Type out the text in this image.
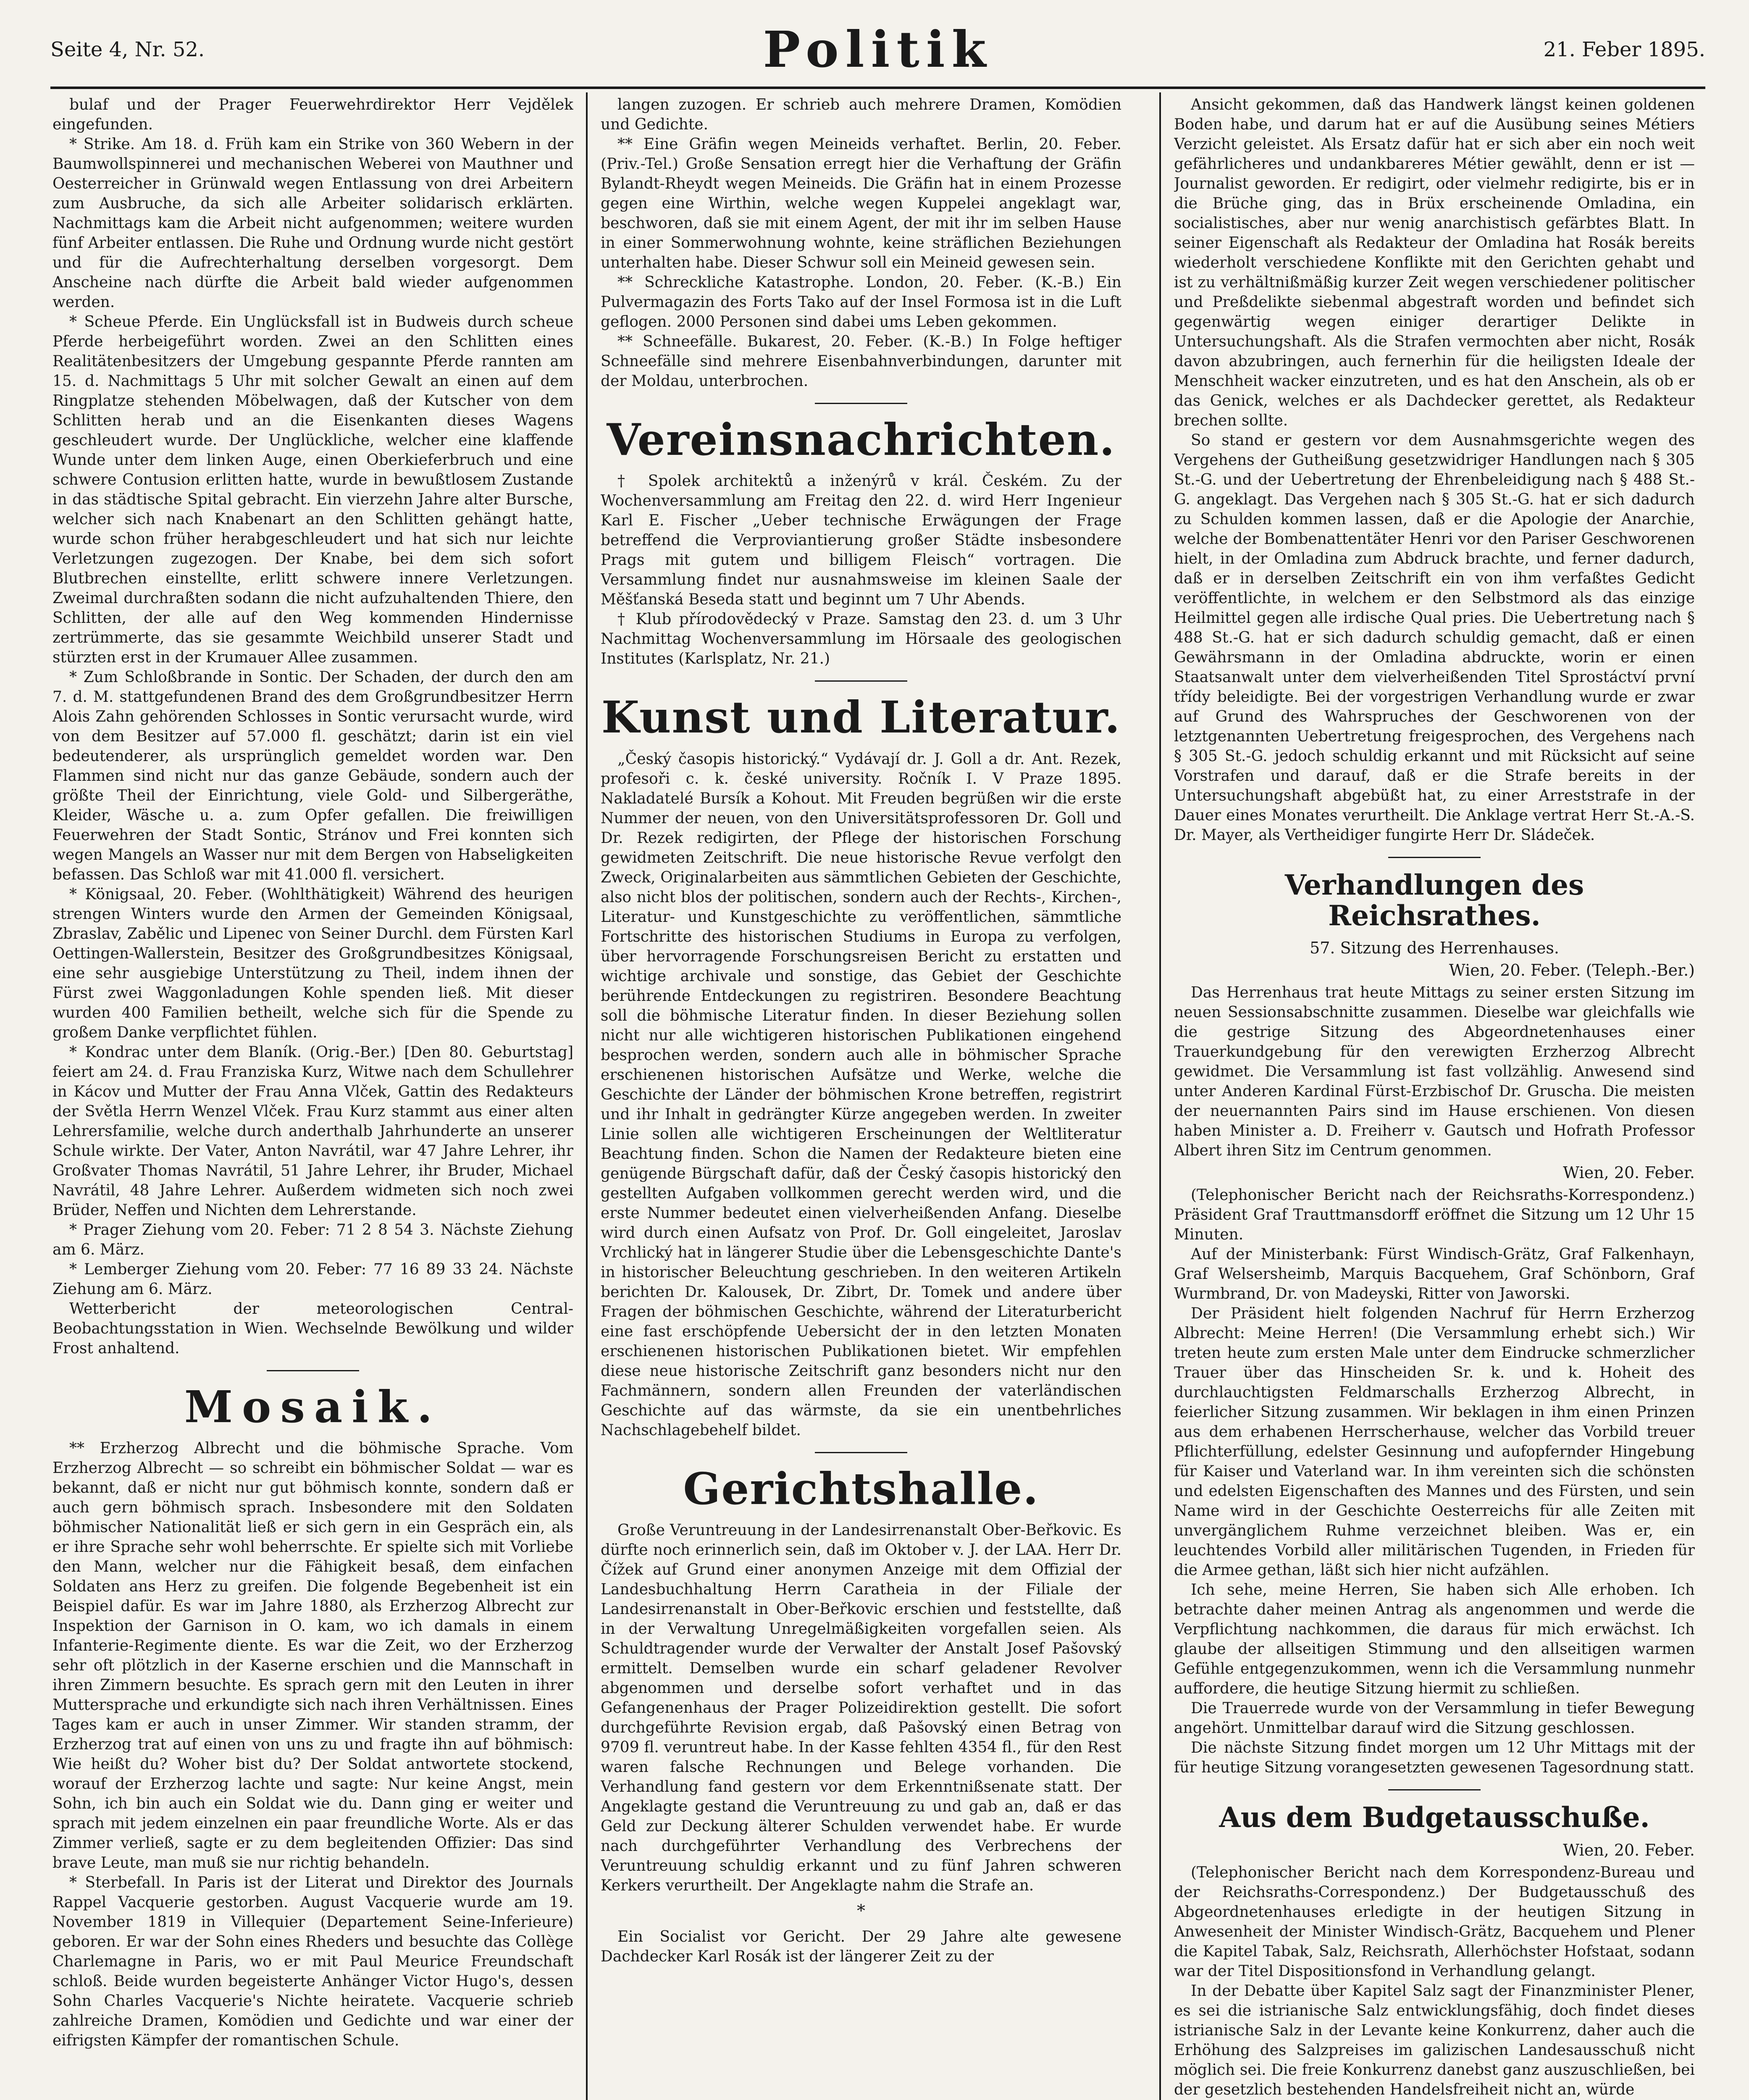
Seite 4, Nr. 52.	Politik	21. Feber 1895.

bulaf und der Prager Feuerwehrdirektor Herr Vejdělek eingefunden.

* Strike. Am 18. d. Früh kam ein Strike von 360 Webern in der Baumwollspinnerei und mechanischen Weberei von Mauthner und Oesterreicher in Grünwald wegen Entlassung von drei Arbeitern zum Ausbruche, da sich alle Arbeiter solidarisch erklärten. Nachmittags kam die Arbeit nicht aufgenommen; weitere wurden fünf Arbeiter entlassen. Die Ruhe und Ordnung wurde nicht gestört und für die Aufrechterhaltung derselben vorgesorgt. Dem Anscheine nach dürfte die Arbeit bald wieder aufgenommen werden.

* Scheue Pferde. Ein Unglücksfall ist in Budweis durch scheue Pferde herbeigeführt worden. Zwei an den Schlitten eines Realitätenbesitzers der Umgebung gespannte Pferde rannten am 15. d. Nachmittags 5 Uhr mit solcher Gewalt an einen auf dem Ringplatze stehenden Möbelwagen, daß der Kutscher von dem Schlitten herab und an die Eisenkanten dieses Wagens geschleudert wurde. Der Unglückliche, welcher eine klaffende Wunde unter dem linken Auge, einen Oberkieferbruch und eine schwere Contusion erlitten hatte, wurde in bewußtlosem Zustande in das städtische Spital gebracht. Ein vierzehn Jahre alter Bursche, welcher sich nach Knabenart an den Schlitten gehängt hatte, wurde schon früher herabgeschleudert und hat sich nur leichte Verletzungen zugezogen. Der Knabe, bei dem sich sofort Blutbrechen einstellte, erlitt schwere innere Verletzungen. Zweimal durchraßten sodann die nicht aufzuhaltenden Thiere, den Schlitten, der alle auf den Weg kommenden Hindernisse zertrümmerte, das sie gesammte Weichbild unserer Stadt und stürzten erst in der Krumauer Allee zusammen.

* Zum Schloßbrande in Sontic. Der Schaden, der durch den am 7. d. M. stattgefundenen Brand des dem Großgrundbesitzer Herrn Alois Zahn gehörenden Schlosses in Sontic verursacht wurde, wird von dem Besitzer auf 57.000 fl. geschätzt; darin ist ein viel bedeutenderer, als ursprünglich gemeldet worden war. Den Flammen sind nicht nur das ganze Gebäude, sondern auch der größte Theil der Einrichtung, viele Gold- und Silbergeräthe, Kleider, Wäsche u. a. zum Opfer gefallen. Die freiwilligen Feuerwehren der Stadt Sontic, Stránov und Frei konnten sich wegen Mangels an Wasser nur mit dem Bergen von Habseligkeiten befassen. Das Schloß war mit 41.000 fl. versichert.

* Königsaal, 20. Feber. (Wohlthätigkeit) Während des heurigen strengen Winters wurde den Armen der Gemeinden Königsaal, Zbraslav, Zabělic und Lipenec von Seiner Durchl. dem Fürsten Karl Oettingen-Wallerstein, Besitzer des Großgrundbesitzes Königsaal, eine sehr ausgiebige Unterstützung zu Theil, indem ihnen der Fürst zwei Waggonladungen Kohle spenden ließ. Mit dieser wurden 400 Familien betheilt, welche sich für die Spende zu großem Danke verpflichtet fühlen.

* Kondrac unter dem Blaník. (Orig.-Ber.) [Den 80. Geburtstag] feiert am 24. d. Frau Franziska Kurz, Witwe nach dem Schullehrer in Kácov und Mutter der Frau Anna Vlček, Gattin des Redakteurs der Světla Herrn Wenzel Vlček. Frau Kurz stammt aus einer alten Lehrersfamilie, welche durch anderthalb Jahrhunderte an unserer Schule wirkte. Der Vater, Anton Navrátil, war 47 Jahre Lehrer, ihr Großvater Thomas Navrátil, 51 Jahre Lehrer, ihr Bruder, Michael Navrátil, 48 Jahre Lehrer. Außerdem widmeten sich noch zwei Brüder, Neffen und Nichten dem Lehrerstande.

* Prager Ziehung vom 20. Feber: 71 2 8 54 3. Nächste Ziehung am 6. März.

* Lemberger Ziehung vom 20. Feber: 77 16 89 33 24. Nächste Ziehung am 6. März.

Wetterbericht der meteorologischen Central-Beobachtungsstation in Wien. Wechselnde Bewölkung und wilder Frost anhaltend.

Mosaik.

** Erzherzog Albrecht und die böhmische Sprache. Vom Erzherzog Albrecht — so schreibt ein böhmischer Soldat — war es bekannt, daß er nicht nur gut böhmisch konnte, sondern daß er auch gern böhmisch sprach. Insbesondere mit den Soldaten böhmischer Nationalität ließ er sich gern in ein Gespräch ein, als er ihre Sprache sehr wohl beherrschte. Er spielte sich mit Vorliebe den Mann, welcher nur die Fähigkeit besaß, dem einfachen Soldaten ans Herz zu greifen. Die folgende Begebenheit ist ein Beispiel dafür. Es war im Jahre 1880, als Erzherzog Albrecht zur Inspektion der Garnison in O. kam, wo ich damals in einem Infanterie-Regimente diente. Es war die Zeit, wo der Erzherzog sehr oft plötzlich in der Kaserne erschien und die Mannschaft in ihren Zimmern besuchte. Es sprach gern mit den Leuten in ihrer Muttersprache und erkundigte sich nach ihren Verhältnissen. Eines Tages kam er auch in unser Zimmer. Wir standen stramm, der Erzherzog trat auf einen von uns zu und fragte ihn auf böhmisch: Wie heißt du? Woher bist du? Der Soldat antwortete stockend, worauf der Erzherzog lachte und sagte: Nur keine Angst, mein Sohn, ich bin auch ein Soldat wie du. Dann ging er weiter und sprach mit jedem einzelnen ein paar freundliche Worte. Als er das Zimmer verließ, sagte er zu dem begleitenden Offizier: Das sind brave Leute, man muß sie nur richtig behandeln.

* Sterbefall. In Paris ist der Literat und Direktor des Journals Rappel Vacquerie gestorben. August Vacquerie wurde am 19. November 1819 in Villequier (Departement Seine-Inferieure) geboren. Er war der Sohn eines Rheders und besuchte das Collège Charlemagne in Paris, wo er mit Paul Meurice Freundschaft schloß. Beide wurden begeisterte Anhänger Victor Hugo's, dessen Sohn Charles Vacquerie's Nichte heiratete. Vacquerie schrieb zahlreiche Dramen, Komödien und Gedichte und war einer der eifrigsten Kämpfer der romantischen Schule.

langen zuzogen. Er schrieb auch mehrere Dramen, Komödien und Gedichte.

** Eine Gräfin wegen Meineids verhaftet. Berlin, 20. Feber. (Priv.-Tel.) Große Sensation erregt hier die Verhaftung der Gräfin Bylandt-Rheydt wegen Meineids. Die Gräfin hat in einem Prozesse gegen eine Wirthin, welche wegen Kuppelei angeklagt war, beschworen, daß sie mit einem Agent, der mit ihr im selben Hause in einer Sommerwohnung wohnte, keine sträflichen Beziehungen unterhalten habe. Dieser Schwur soll ein Meineid gewesen sein.

** Schreckliche Katastrophe. London, 20. Feber. (K.-B.) Ein Pulvermagazin des Forts Tako auf der Insel Formosa ist in die Luft geflogen. 2000 Personen sind dabei ums Leben gekommen.

** Schneefälle. Bukarest, 20. Feber. (K.-B.) In Folge heftiger Schneefälle sind mehrere Eisenbahnverbindungen, darunter mit der Moldau, unterbrochen.

Vereinsnachrichten.

† Spolek architektů a inženýrů v král. Českém. Zu der Wochenversammlung am Freitag den 22. d. wird Herr Ingenieur Karl E. Fischer „Ueber technische Erwägungen der Frage betreffend die Verproviantierung großer Städte insbesondere Prags mit gutem und billigem Fleisch“ vortragen. Die Versammlung findet nur ausnahmsweise im kleinen Saale der Měšťanská Beseda statt und beginnt um 7 Uhr Abends.

† Klub přírodovědecký v Praze. Samstag den 23. d. um 3 Uhr Nachmittag Wochenversammlung im Hörsaale des geologischen Institutes (Karlsplatz, Nr. 21.)

Kunst und Literatur.

„Český časopis historický.“ Vydávají dr. J. Goll a dr. Ant. Rezek, profesoři c. k. české university. Ročník I. V Praze 1895. Nakladatelé Bursík a Kohout. Mit Freuden begrüßen wir die erste Nummer der neuen, von den Universitätsprofessoren Dr. Goll und Dr. Rezek redigirten, der Pflege der historischen Forschung gewidmeten Zeitschrift. Die neue historische Revue verfolgt den Zweck, Originalarbeiten aus sämmtlichen Gebieten der Geschichte, also nicht blos der politischen, sondern auch der Rechts-, Kirchen-, Literatur- und Kunstgeschichte zu veröffentlichen, sämmtliche Fortschritte des historischen Studiums in Europa zu verfolgen, über hervorragende Forschungsreisen Bericht zu erstatten und wichtige archivale und sonstige, das Gebiet der Geschichte berührende Entdeckungen zu registriren. Besondere Beachtung soll die böhmische Literatur finden. In dieser Beziehung sollen nicht nur alle wichtigeren historischen Publikationen eingehend besprochen werden, sondern auch alle in böhmischer Sprache erschienenen historischen Aufsätze und Werke, welche die Geschichte der Länder der böhmischen Krone betreffen, registrirt und ihr Inhalt in gedrängter Kürze angegeben werden. In zweiter Linie sollen alle wichtigeren Erscheinungen der Weltliteratur Beachtung finden. Schon die Namen der Redakteure bieten eine genügende Bürgschaft dafür, daß der Český časopis historický den gestellten Aufgaben vollkommen gerecht werden wird, und die erste Nummer bedeutet einen vielverheißenden Anfang. Dieselbe wird durch einen Aufsatz von Prof. Dr. Goll eingeleitet, Jaroslav Vrchlický hat in längerer Studie über die Lebensgeschichte Dante's in historischer Beleuchtung geschrieben. In den weiteren Artikeln berichten Dr. Kalousek, Dr. Zibrt, Dr. Tomek und andere über Fragen der böhmischen Geschichte, während der Literaturbericht eine fast erschöpfende Uebersicht der in den letzten Monaten erschienenen historischen Publikationen bietet. Wir empfehlen diese neue historische Zeitschrift ganz besonders nicht nur den Fachmännern, sondern allen Freunden der vaterländischen Geschichte auf das wärmste, da sie ein unentbehrliches Nachschlagebehelf bildet.

Gerichtshalle.

Große Veruntreuung in der Landesirrenanstalt Ober-Beřkovic. Es dürfte noch erinnerlich sein, daß im Oktober v. J. der LAA. Herr Dr. Čížek auf Grund einer anonymen Anzeige mit dem Offizial der Landesbuchhaltung Herrn Caratheia in der Filiale der Landesirrenanstalt in Ober-Beřkovic erschien und feststellte, daß in der Verwaltung Unregelmäßigkeiten vorgefallen seien. Als Schuldtragender wurde der Verwalter der Anstalt Josef Pašovský ermittelt. Demselben wurde ein scharf geladener Revolver abgenommen und derselbe sofort verhaftet und in das Gefangenenhaus der Prager Polizeidirektion gestellt. Die sofort durchgeführte Revision ergab, daß Pašovský einen Betrag von 9709 fl. veruntreut habe. In der Kasse fehlten 4354 fl., für den Rest waren falsche Rechnungen und Belege vorhanden. Die Verhandlung fand gestern vor dem Erkenntnißsenate statt. Der Angeklagte gestand die Veruntreuung zu und gab an, daß er das Geld zur Deckung älterer Schulden verwendet habe. Er wurde nach durchgeführter Verhandlung des Verbrechens der Veruntreuung schuldig erkannt und zu fünf Jahren schweren Kerkers verurtheilt. Der Angeklagte nahm die Strafe an.

*

Ein Socialist vor Gericht. Der 29 Jahre alte gewesene Dachdecker Karl Rosák ist der längerer Zeit zu der

Ansicht gekommen, daß das Handwerk längst keinen goldenen Boden habe, und darum hat er auf die Ausübung seines Métiers Verzicht geleistet. Als Ersatz dafür hat er sich aber ein noch weit gefährlicheres und undankbareres Métier gewählt, denn er ist — Journalist geworden. Er redigirt, oder vielmehr redigirte, bis er in die Brüche ging, das in Brüx erscheinende Omladina, ein socialistisches, aber nur wenig anarchistisch gefärbtes Blatt. In seiner Eigenschaft als Redakteur der Omladina hat Rosák bereits wiederholt verschiedene Konflikte mit den Gerichten gehabt und ist zu verhältnißmäßig kurzer Zeit wegen verschiedener politischer und Preßdelikte siebenmal abgestraft worden und befindet sich gegenwärtig wegen einiger derartiger Delikte in Untersuchungshaft. Als die Strafen vermochten aber nicht, Rosák davon abzubringen, auch fernerhin für die heiligsten Ideale der Menschheit wacker einzutreten, und es hat den Anschein, als ob er das Genick, welches er als Dachdecker gerettet, als Redakteur brechen sollte.

So stand er gestern vor dem Ausnahmsgerichte wegen des Vergehens der Gutheißung gesetzwidriger Handlungen nach § 305 St.-G. und der Uebertretung der Ehrenbeleidigung nach § 488 St.-G. angeklagt. Das Vergehen nach § 305 St.-G. hat er sich dadurch zu Schulden kommen lassen, daß er die Apologie der Anarchie, welche der Bombenattentäter Henri vor den Pariser Geschworenen hielt, in der Omladina zum Abdruck brachte, und ferner dadurch, daß er in derselben Zeitschrift ein von ihm verfaßtes Gedicht veröffentlichte, in welchem er den Selbstmord als das einzige Heilmittel gegen alle irdische Qual pries. Die Uebertretung nach § 488 St.-G. hat er sich dadurch schuldig gemacht, daß er einen Gewährsmann in der Omladina abdruckte, worin er einen Staatsanwalt unter dem vielverheißenden Titel Sprostáctví první třídy beleidigte. Bei der vorgestrigen Verhandlung wurde er zwar auf Grund des Wahrspruches der Geschworenen von der letztgenannten Uebertretung freigesprochen, des Vergehens nach § 305 St.-G. jedoch schuldig erkannt und mit Rücksicht auf seine Vorstrafen und darauf, daß er die Strafe bereits in der Untersuchungshaft abgebüßt hat, zu einer Arreststrafe in der Dauer eines Monates verurtheilt. Die Anklage vertrat Herr St.-A.-S. Dr. Mayer, als Vertheidiger fungirte Herr Dr. Sládeček.

Verhandlungen des Reichsrathes.
57. Sitzung des Herrenhauses.
Wien, 20. Feber. (Teleph.-Ber.)

Das Herrenhaus trat heute Mittags zu seiner ersten Sitzung im neuen Sessionsabschnitte zusammen. Dieselbe war gleichfalls wie die gestrige Sitzung des Abgeordnetenhauses einer Trauerkundgebung für den verewigten Erzherzog Albrecht gewidmet. Die Versammlung ist fast vollzählig. Anwesend sind unter Anderen Kardinal Fürst-Erzbischof Dr. Gruscha. Die meisten der neuernannten Pairs sind im Hause erschienen. Von diesen haben Minister a. D. Freiherr v. Gautsch und Hofrath Professor Albert ihren Sitz im Centrum genommen.

Wien, 20. Feber.

(Telephonischer Bericht nach der Reichsraths-Korrespondenz.) Präsident Graf Trauttmansdorff eröffnet die Sitzung um 12 Uhr 15 Minuten.

Auf der Ministerbank: Fürst Windisch-Grätz, Graf Falkenhayn, Graf Welsersheimb, Marquis Bacquehem, Graf Schönborn, Graf Wurmbrand, Dr. von Madeyski, Ritter von Jaworski.

Der Präsident hielt folgenden Nachruf für Herrn Erzherzog Albrecht: Meine Herren! (Die Versammlung erhebt sich.) Wir treten heute zum ersten Male unter dem Eindrucke schmerzlicher Trauer über das Hinscheiden Sr. k. und k. Hoheit des durchlauchtigsten Feldmarschalls Erzherzog Albrecht, in feierlicher Sitzung zusammen. Wir beklagen in ihm einen Prinzen aus dem erhabenen Herrscherhause, welcher das Vorbild treuer Pflichterfüllung, edelster Gesinnung und aufopfernder Hingebung für Kaiser und Vaterland war. In ihm vereinten sich die schönsten und edelsten Eigenschaften des Mannes und des Fürsten, und sein Name wird in der Geschichte Oesterreichs für alle Zeiten mit unvergänglichem Ruhme verzeichnet bleiben. Was er, ein leuchtendes Vorbild aller militärischen Tugenden, in Frieden für die Armee gethan, läßt sich hier nicht aufzählen.

Ich sehe, meine Herren, Sie haben sich Alle erhoben. Ich betrachte daher meinen Antrag als angenommen und werde die Verpflichtung nachkommen, die daraus für mich erwächst. Ich glaube der allseitigen Stimmung und den allseitigen warmen Gefühle entgegenzukommen, wenn ich die Versammlung nunmehr auffordere, die heutige Sitzung hiermit zu schließen.

Die Trauerrede wurde von der Versammlung in tiefer Bewegung angehört. Unmittelbar darauf wird die Sitzung geschlossen.

Die nächste Sitzung findet morgen um 12 Uhr Mittags mit der für heutige Sitzung vorangesetzten gewesenen Tagesordnung statt.

Aus dem Budgetausschuße.
Wien, 20. Feber.

(Telephonischer Bericht nach dem Korrespondenz-Bureau und der Reichsraths-Correspondenz.) Der Budgetausschuß des Abgeordnetenhauses erledigte in der heutigen Sitzung in Anwesenheit der Minister Windisch-Grätz, Bacquehem und Plener die Kapitel Tabak, Salz, Reichsrath, Allerhöchster Hofstaat, sodann war der Titel Dispositionsfond in Verhandlung gelangt.

In der Debatte über Kapitel Salz sagt der Finanzminister Plener, es sei die istrianische Salz entwicklungsfähig, doch findet dieses istrianische Salz in der Levante keine Konkurrenz, daher auch die Erhöhung des Salzpreises im galizischen Landesausschuß nicht möglich sei. Die freie Konkurrenz danebst ganz auszuschließen, bei der gesetzlich bestehenden Handelsfreiheit nicht an, würde
